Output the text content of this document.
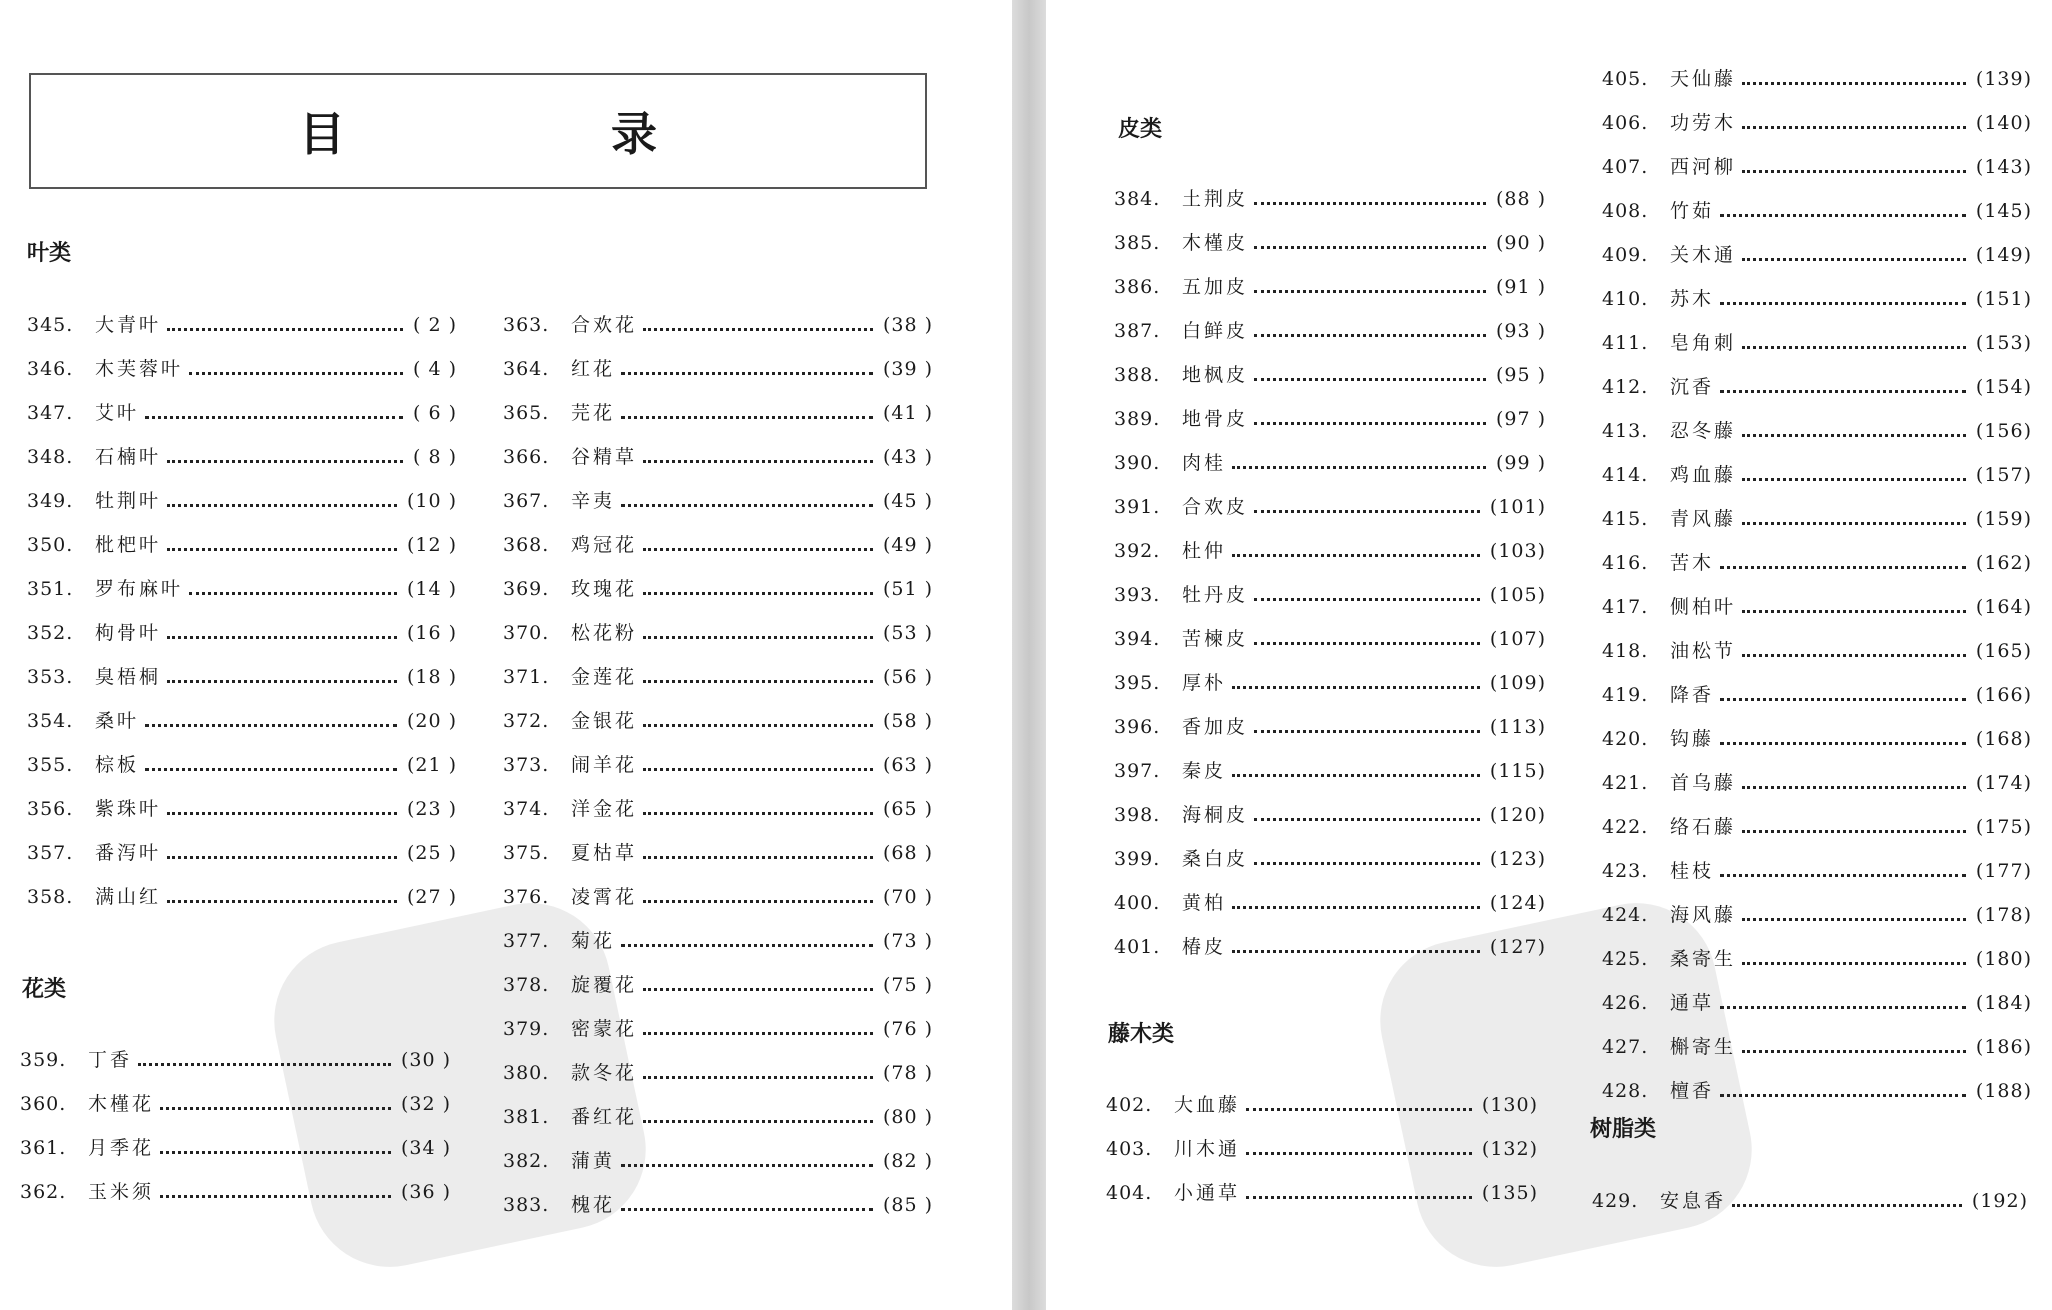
目　录
叶类
345.	大青叶	( 2 )
346.	木芙蓉叶	( 4 )
347.	艾叶	( 6 )
348.	石楠叶	( 8 )
349.	牡荆叶	(10 )
350.	枇杷叶	(12 )
351.	罗布麻叶	(14 )
352.	枸骨叶	(16 )
353.	臭梧桐	(18 )
354.	桑叶	(20 )
355.	棕板	(21 )
356.	紫珠叶	(23 )
357.	番泻叶	(25 )
358.	满山红	(27 )
花类
359.	丁香	(30 )
360.	木槿花	(32 )
361.	月季花	(34 )
362.	玉米须	(36 )
363.	合欢花	(38 )
364.	红花	(39 )
365.	芫花	(41 )
366.	谷精草	(43 )
367.	辛夷	(45 )
368.	鸡冠花	(49 )
369.	玫瑰花	(51 )
370.	松花粉	(53 )
371.	金莲花	(56 )
372.	金银花	(58 )
373.	闹羊花	(63 )
374.	洋金花	(65 )
375.	夏枯草	(68 )
376.	凌霄花	(70 )
377.	菊花	(73 )
378.	旋覆花	(75 )
379.	密蒙花	(76 )
380.	款冬花	(78 )
381.	番红花	(80 )
382.	蒲黄	(82 )
383.	槐花	(85 )
皮类
384.	土荆皮	(88 )
385.	木槿皮	(90 )
386.	五加皮	(91 )
387.	白鲜皮	(93 )
388.	地枫皮	(95 )
389.	地骨皮	(97 )
390.	肉桂	(99 )
391.	合欢皮	(101)
392.	杜仲	(103)
393.	牡丹皮	(105)
394.	苦楝皮	(107)
395.	厚朴	(109)
396.	香加皮	(113)
397.	秦皮	(115)
398.	海桐皮	(120)
399.	桑白皮	(123)
400.	黄柏	(124)
401.	椿皮	(127)
藤木类
402.	大血藤	(130)
403.	川木通	(132)
404.	小通草	(135)
405.	天仙藤	(139)
406.	功劳木	(140)
407.	西河柳	(143)
408.	竹茹	(145)
409.	关木通	(149)
410.	苏木	(151)
411.	皂角刺	(153)
412.	沉香	(154)
413.	忍冬藤	(156)
414.	鸡血藤	(157)
415.	青风藤	(159)
416.	苦木	(162)
417.	侧柏叶	(164)
418.	油松节	(165)
419.	降香	(166)
420.	钩藤	(168)
421.	首乌藤	(174)
422.	络石藤	(175)
423.	桂枝	(177)
424.	海风藤	(178)
425.	桑寄生	(180)
426.	通草	(184)
427.	槲寄生	(186)
428.	檀香	(188)
树脂类
429.	安息香	(192)
